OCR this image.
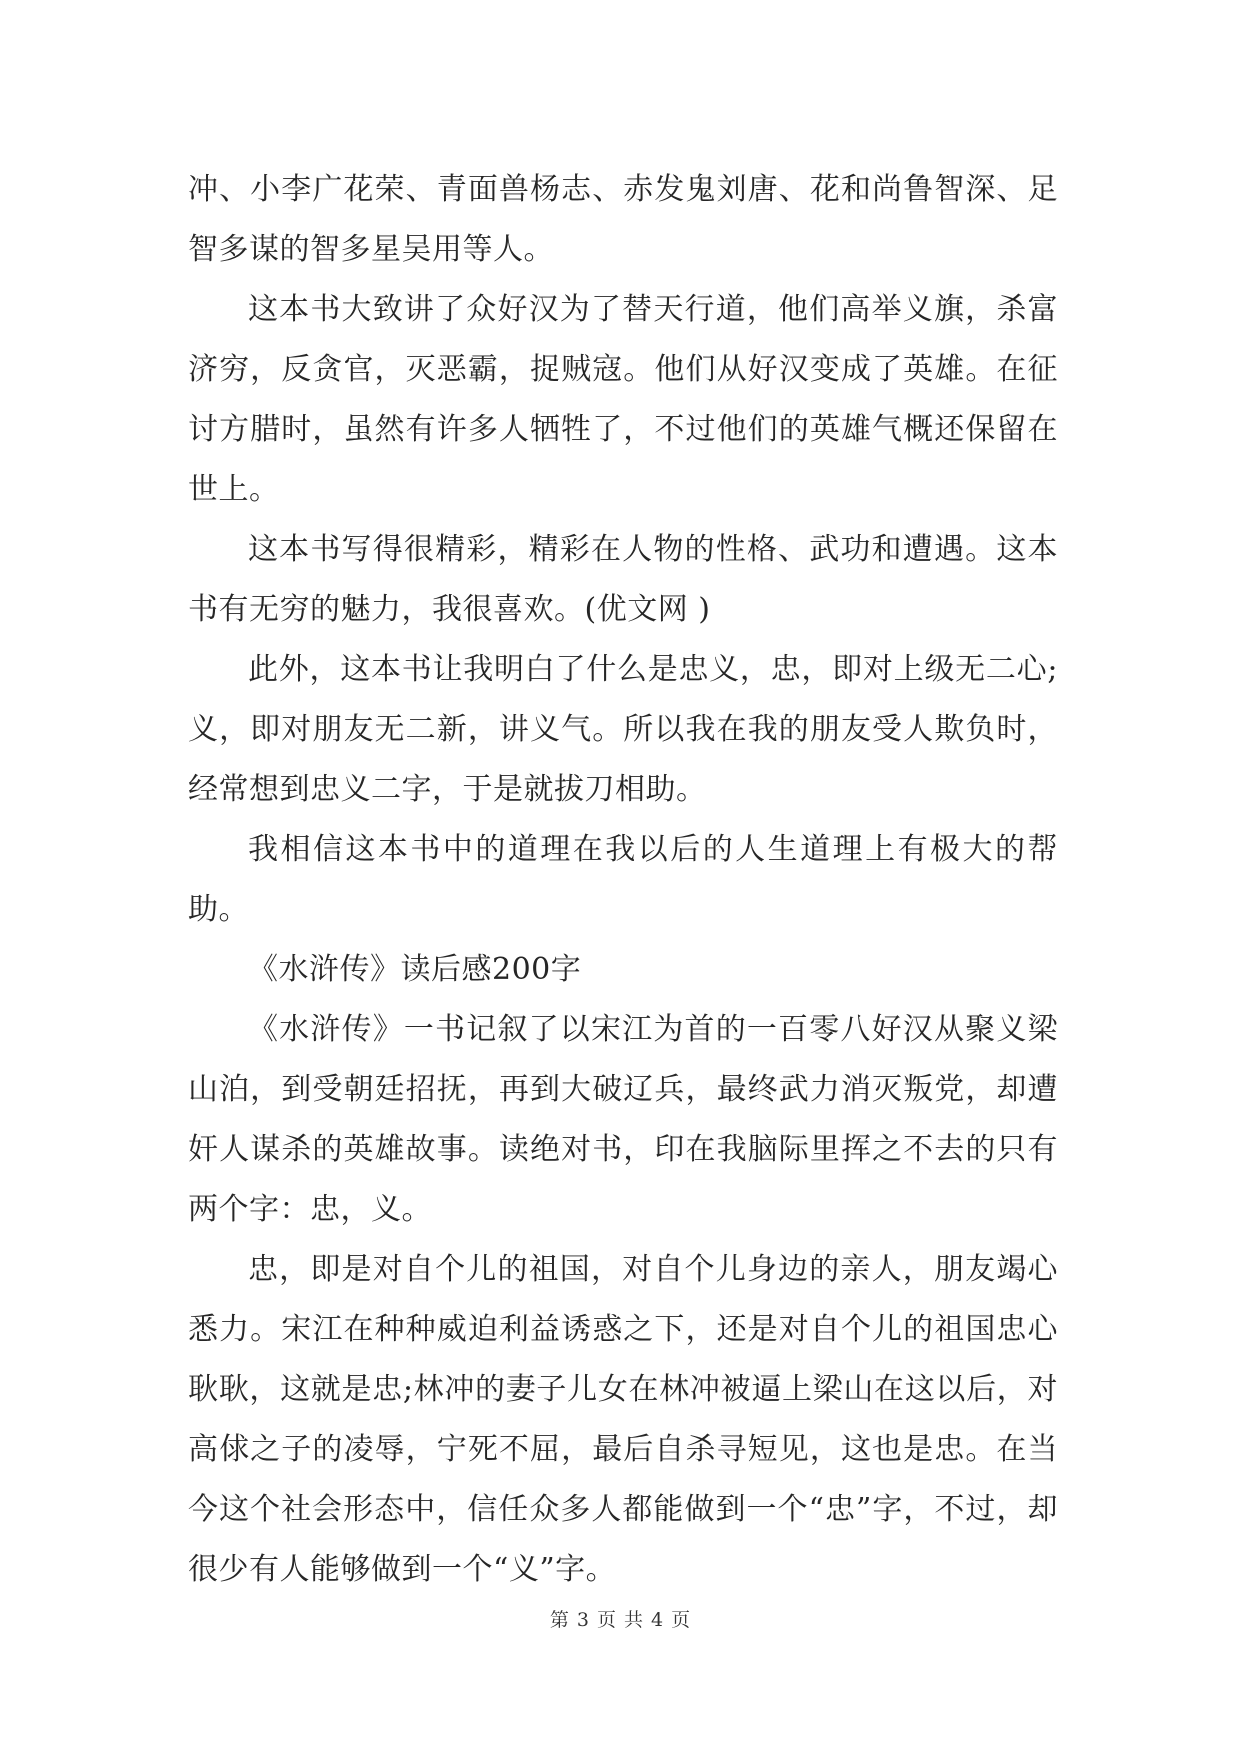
冲、小李广花荣、青面兽杨志、赤发鬼刘唐、花和尚鲁智深、足智多谋的智多星吴用等人。

这本书大致讲了众好汉为了替天行道，他们高举义旗，杀富济穷，反贪官，灭恶霸，捉贼寇。他们从好汉变成了英雄。在征讨方腊时，虽然有许多人牺牲了，不过他们的英雄气概还保留在世上。

这本书写得很精彩，精彩在人物的性格、武功和遭遇。这本书有无穷的魅力，我很喜欢。(优文网 )

此外，这本书让我明白了什么是忠义，忠，即对上级无二心;义，即对朋友无二新，讲义气。所以我在我的朋友受人欺负时，经常想到忠义二字，于是就拔刀相助。

我相信这本书中的道理在我以后的人生道理上有极大的帮助。

《水浒传》读后感200字

《水浒传》一书记叙了以宋江为首的一百零八好汉从聚义梁山泊，到受朝廷招抚，再到大破辽兵，最终武力消灭叛党，却遭奸人谋杀的英雄故事。读绝对书，印在我脑际里挥之不去的只有两个字：忠，义。

忠，即是对自个儿的祖国，对自个儿身边的亲人，朋友竭心悉力。宋江在种种威迫利益诱惑之下，还是对自个儿的祖国忠心耿耿，这就是忠;林冲的妻子儿女在林冲被逼上梁山在这以后，对高俅之子的凌辱，宁死不屈，最后自杀寻短见，这也是忠。在当今这个社会形态中，信任众多人都能做到一个“忠”字，不过，却很少有人能够做到一个“义”字。

第 3 页 共 4 页
